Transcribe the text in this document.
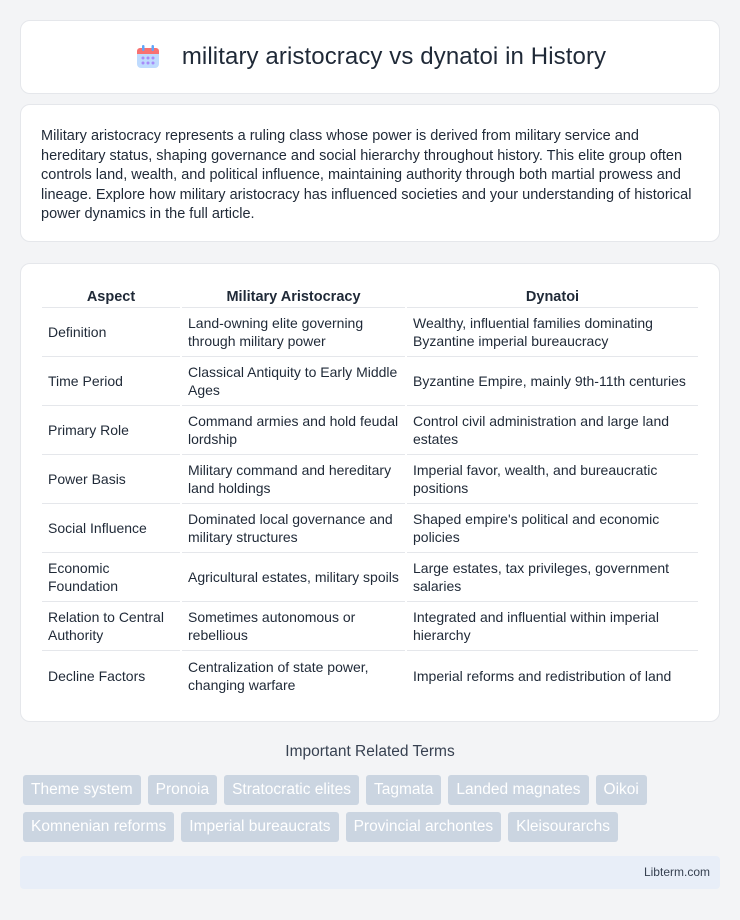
military aristocracy vs dynatoi in History

Military aristocracy represents a ruling class whose power is derived from military service and hereditary status, shaping governance and social hierarchy throughout history. This elite group often controls land, wealth, and political influence, maintaining authority through both martial prowess and lineage. Explore how military aristocracy has influenced societies and your understanding of historical power dynamics in the full article.

Aspect	Military Aristocracy	Dynatoi
Definition	Land-owning elite governing through military power	Wealthy, influential families dominating Byzantine imperial bureaucracy
Time Period	Classical Antiquity to Early Middle Ages	Byzantine Empire, mainly 9th-11th centuries
Primary Role	Command armies and hold feudal lordship	Control civil administration and large land estates
Power Basis	Military command and hereditary land holdings	Imperial favor, wealth, and bureaucratic positions
Social Influence	Dominated local governance and military structures	Shaped empire's political and economic policies
Economic Foundation	Agricultural estates, military spoils	Large estates, tax privileges, government salaries
Relation to Central Authority	Sometimes autonomous or rebellious	Integrated and influential within imperial hierarchy
Decline Factors	Centralization of state power, changing warfare	Imperial reforms and redistribution of land
Important Related Terms
Theme system	Pronoia	Stratocratic elites	Tagmata	Landed magnates	Oikoi
Komnenian reforms	Imperial bureaucrats	Provincial archontes	Kleisourarchs
Libterm.com
